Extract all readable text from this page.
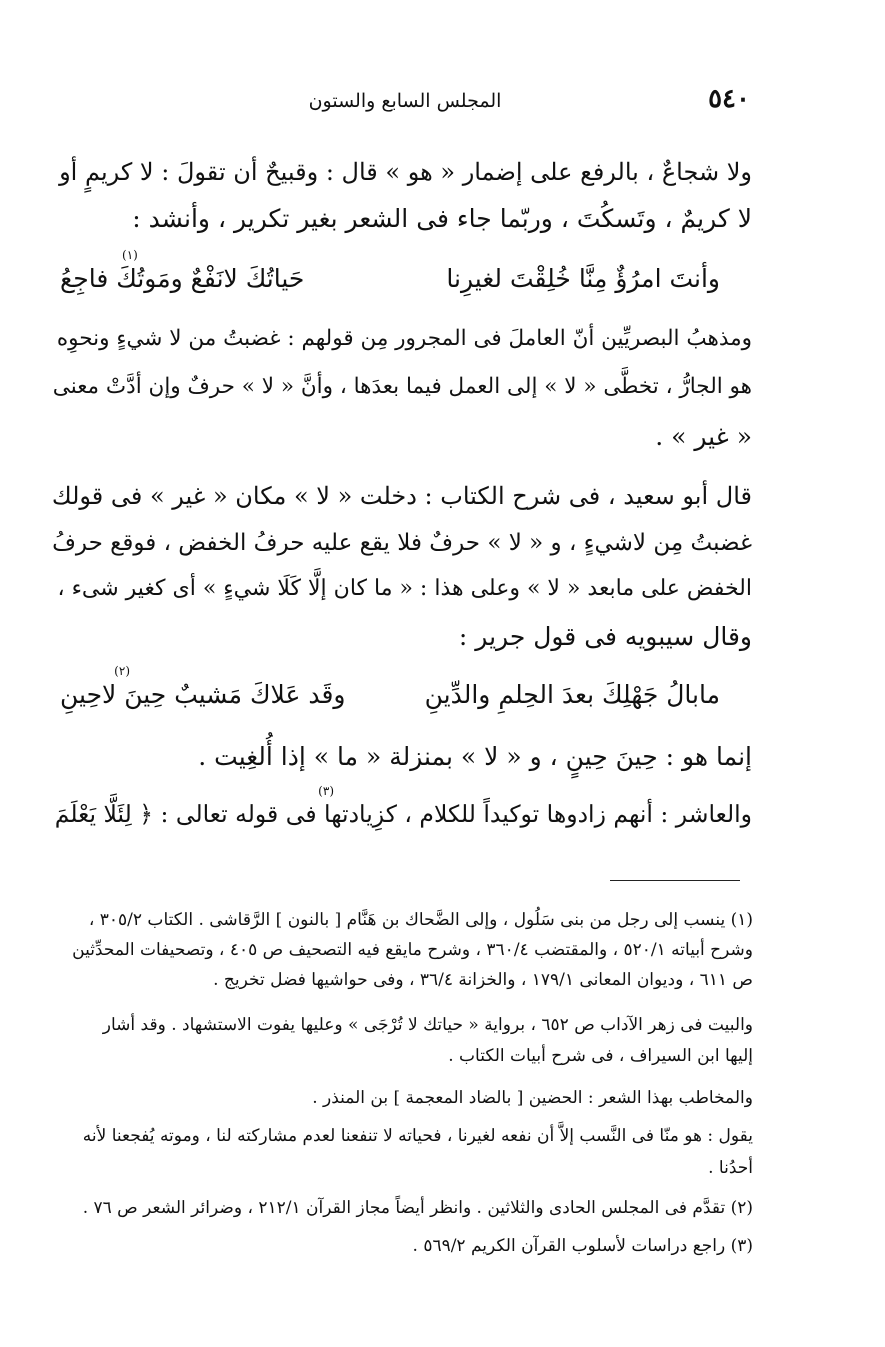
٥٤٠
المجلس السابع والستون
ولا شجاعٌ ، بالرفع على إضمار « هو » قال : وقبيحٌ أن تقولَ : لا كريمٍ أو
لا كريمٌ ، وتَسكُتَ ، وربّما جاء فى الشعر بغير تكرير ، وأنشد :
ومذهبُ البصريِّين أنّ العاملَ فى المجرور مِن قولهم : غضبتُ من لا شيءٍ ونحوِه
هو الجارُّ ، تخطَّى « لا » إلى العمل فيما بعدَها ، وأنَّ « لا » حرفٌ وإن أدَّتْ معنى
« غير » .
قال أبو سعيد ، فى شرح الكتاب : دخلت « لا » مكان « غير » فى قولك
غضبتُ مِن لاشيءٍ ، و « لا » حرفٌ فلا يقع عليه حرفُ الخفض ، فوقع حرفُ
الخفض على مابعد « لا » وعلى هذا : « ما كان إلَّا كَلَا شيءٍ » أى كغير شىء ،
وقال سيبويه فى قول جرير :
إنما هو : حِينَ حِينٍ ، و « لا » بمنزلة « ما » إذا أُلغِيت .
والعاشر : أنهم زادوها توكيداً للكلام ، كزِيادتها فى قوله تعالى : ﴿ لِئَلَّا يَعْلَمَ
(٣)
وأنتَ امرُؤٌ مِنَّا خُلِقْتَ لغيرِنا
حَياتُكَ لانَفْعٌ ومَوتُكَ فاجِعُ
(١)
مابالُ جَهْلِكَ بعدَ الحِلمِ والدِّينِ
وقَد عَلاكَ مَشيبٌ حِينَ لاحِينِ
(٢)
(١) ينسب إلى رجل من بنى سَلُول ، وإلى الضَّحاك بن هَنَّام [ بالنون ] الرَّقاشى . الكتاب ٣٠٥/٢ ،
وشرح أبياته ٥٢٠/١ ، والمقتضب ٣٦٠/٤ ، وشرح مايقع فيه التصحيف ص ٤٠٥ ، وتصحيفات المحدِّثين
ص ٦١١ ، وديوان المعانى ١٧٩/١ ، والخزانة ٣٦/٤ ، وفى حواشيها فضل تخريج .
والبيت فى زهر الآداب ص ٦٥٢ ، برواية « حياتك لا تُرْجَى » وعليها يفوت الاستشهاد . وقد أشار
إليها ابن السيراف ، فى شرح أبيات الكتاب .
والمخاطب بهذا الشعر : الحضين [ بالضاد المعجمة ] بن المنذر .
يقول : هو منّا فى النَّسب إلاَّ أن نفعه لغيرنا ، فحياته لا تنفعنا لعدم مشاركته لنا ، وموته يُفجعنا لأنه
أحدُنا .
(٢) تقدَّم فى المجلس الحادى والثلاثين . وانظر أيضاً مجاز القرآن ٢١٢/١ ، وضرائر الشعر ص ٧٦ .
(٣) راجع دراسات لأسلوب القرآن الكريم ٥٦٩/٢ .
